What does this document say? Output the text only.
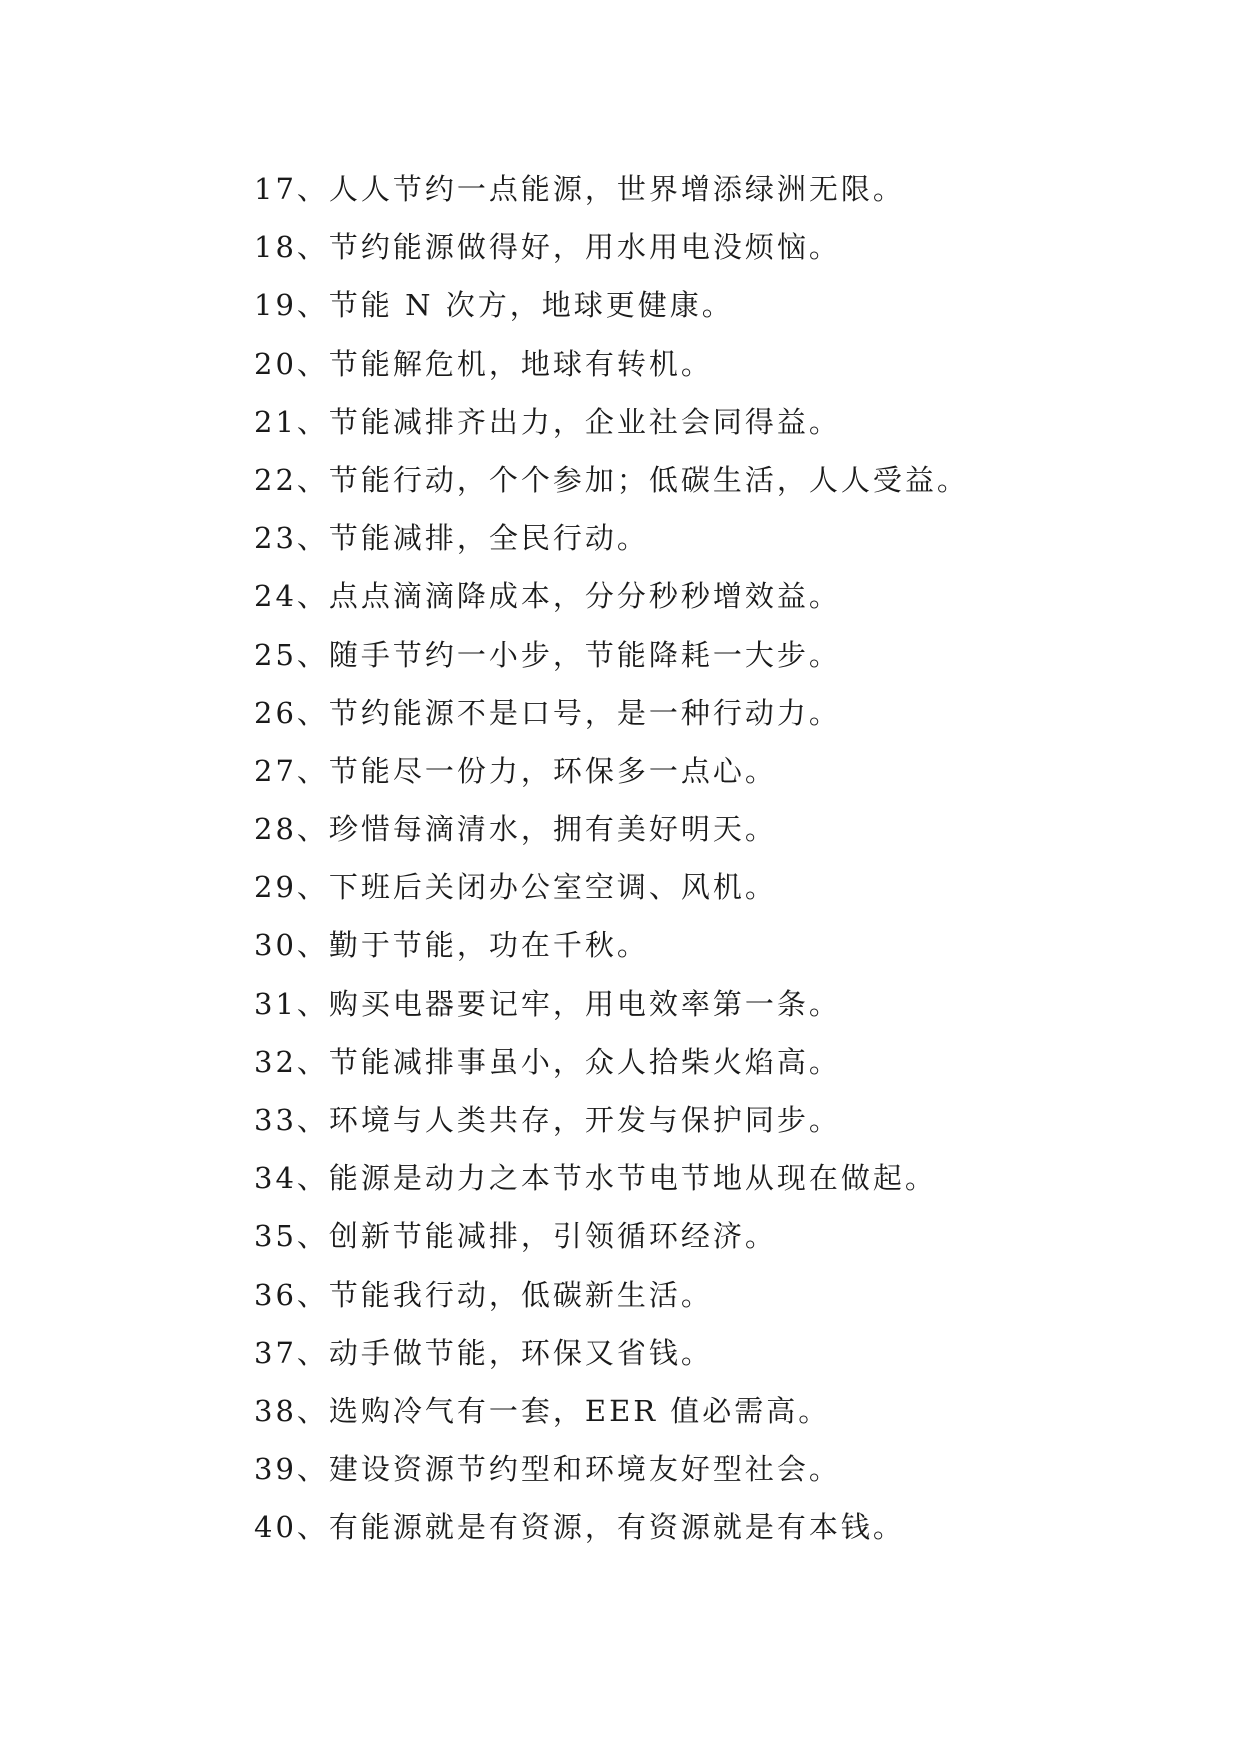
17、人人节约一点能源，世界增添绿洲无限。
18、节约能源做得好，用水用电没烦恼。
19、节能 N 次方，地球更健康。
20、节能解危机，地球有转机。
21、节能减排齐出力，企业社会同得益。
22、节能行动，个个参加；低碳生活，人人受益。
23、节能减排，全民行动。
24、点点滴滴降成本，分分秒秒增效益。
25、随手节约一小步，节能降耗一大步。
26、节约能源不是口号，是一种行动力。
27、节能尽一份力，环保多一点心。
28、珍惜每滴清水，拥有美好明天。
29、下班后关闭办公室空调、风机。
30、勤于节能，功在千秋。
31、购买电器要记牢，用电效率第一条。
32、节能减排事虽小，众人拾柴火焰高。
33、环境与人类共存，开发与保护同步。
34、能源是动力之本节水节电节地从现在做起。
35、创新节能减排，引领循环经济。
36、节能我行动，低碳新生活。
37、动手做节能，环保又省钱。
38、选购冷气有一套，EER 值必需高。
39、建设资源节约型和环境友好型社会。
40、有能源就是有资源，有资源就是有本钱。
